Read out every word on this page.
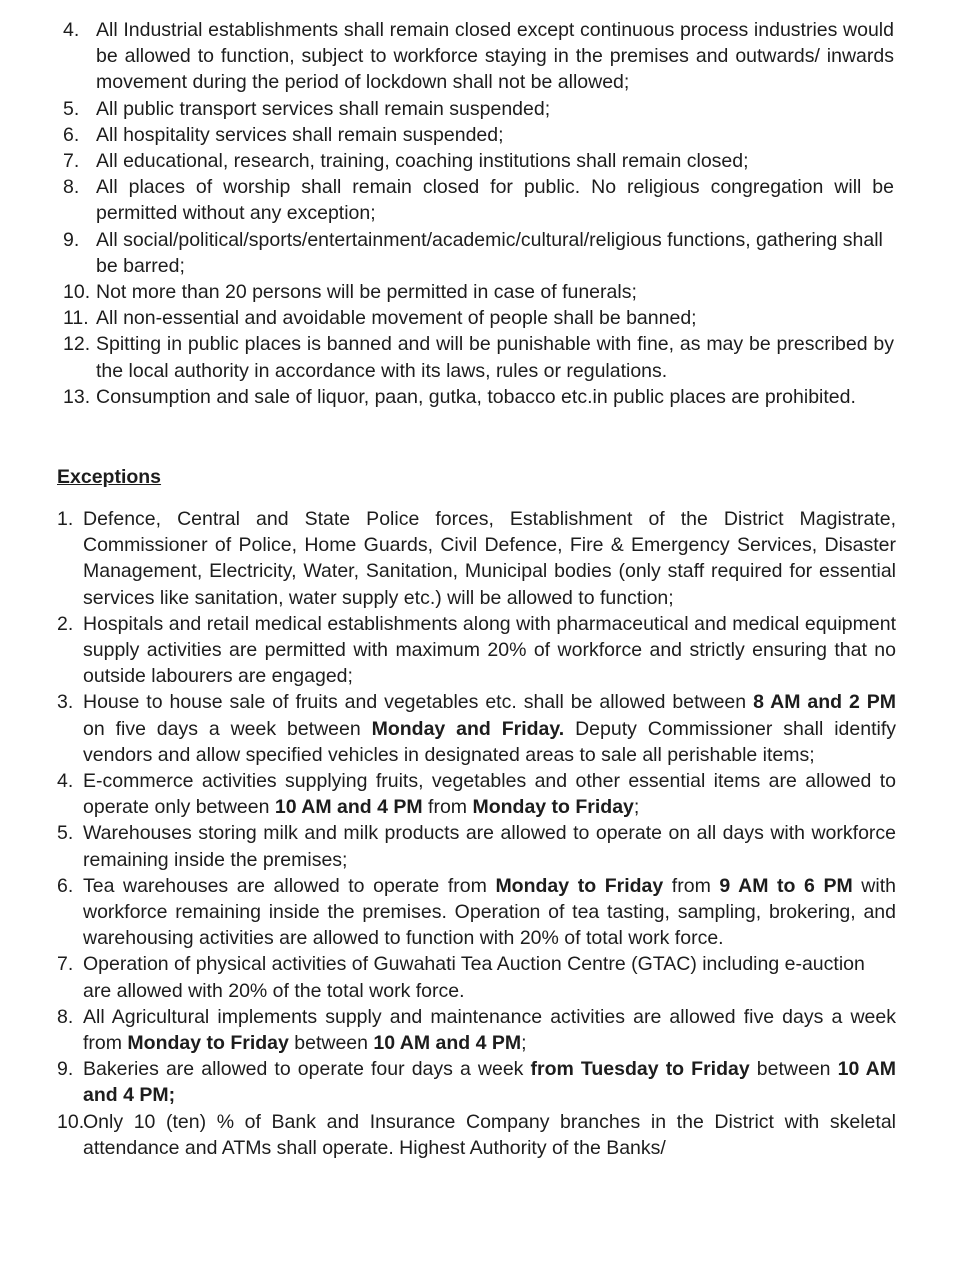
4. All Industrial establishments shall remain closed except continuous process industries would be allowed to function, subject to workforce staying in the premises and outwards/ inwards movement during the period of lockdown shall not be allowed;
5. All public transport services shall remain suspended;
6. All hospitality services shall remain suspended;
7. All educational, research, training, coaching institutions shall remain closed;
8. All places of worship shall remain closed for public. No religious congregation will be permitted without any exception;
9. All social/political/sports/entertainment/academic/cultural/religious functions, gathering shall be barred;
10. Not more than 20 persons will be permitted in case of funerals;
11. All non-essential and avoidable movement of people shall be banned;
12. Spitting in public places is banned and will be punishable with fine, as may be prescribed by the local authority in accordance with its laws, rules or regulations.
13. Consumption and sale of liquor, paan, gutka, tobacco etc.in public places are prohibited.
Exceptions
1. Defence, Central and State Police forces, Establishment of the District Magistrate, Commissioner of Police, Home Guards, Civil Defence, Fire & Emergency Services, Disaster Management, Electricity, Water, Sanitation, Municipal bodies (only staff required for essential services like sanitation, water supply etc.) will be allowed to function;
2. Hospitals and retail medical establishments along with pharmaceutical and medical equipment supply activities are permitted with maximum 20% of workforce and strictly ensuring that no outside labourers are engaged;
3. House to house sale of fruits and vegetables etc. shall be allowed between 8 AM and 2 PM on five days a week between Monday and Friday. Deputy Commissioner shall identify vendors and allow specified vehicles in designated areas to sale all perishable items;
4. E-commerce activities supplying fruits, vegetables and other essential items are allowed to operate only between 10 AM and 4 PM from Monday to Friday;
5. Warehouses storing milk and milk products are allowed to operate on all days with workforce remaining inside the premises;
6. Tea warehouses are allowed to operate from Monday to Friday from 9 AM to 6 PM with workforce remaining inside the premises. Operation of tea tasting, sampling, brokering, and warehousing activities are allowed to function with 20% of total work force.
7. Operation of physical activities of Guwahati Tea Auction Centre (GTAC) including e-auction are allowed with 20% of the total work force.
8. All Agricultural implements supply and maintenance activities are allowed five days a week from Monday to Friday between 10 AM and 4 PM;
9. Bakeries are allowed to operate four days a week from Tuesday to Friday between 10 AM and 4 PM;
10.
Only 10 (ten) % of Bank and Insurance Company branches in the District with skeletal attendance and ATMs shall operate. Highest Authority of the Banks/
